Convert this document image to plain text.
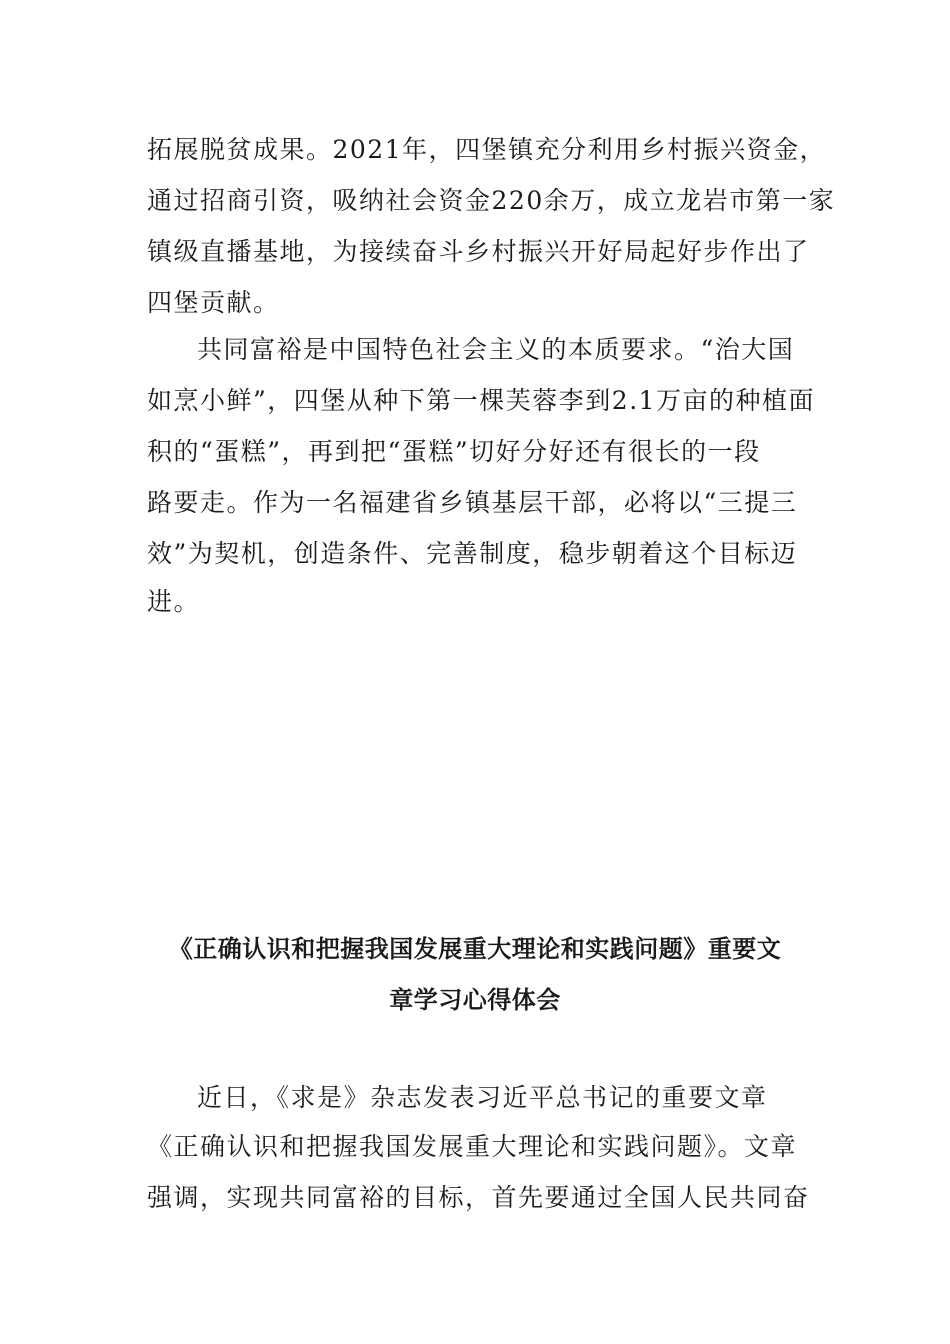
拓展脱贫成果。2021年，四堡镇充分利用乡村振兴资金，
通过招商引资，吸纳社会资金220余万，成立龙岩市第一家
镇级直播基地，为接续奋斗乡村振兴开好局起好步作出了
四堡贡献。
共同富裕是中国特色社会主义的本质要求。“治大国
如烹小鲜”，四堡从种下第一棵芙蓉李到2.1万亩的种植面
积的“蛋糕”，再到把“蛋糕”切好分好还有很长的一段
路要走。作为一名福建省乡镇基层干部，必将以“三提三
效”为契机，创造条件、完善制度，稳步朝着这个目标迈
进。
《正确认识和把握我国发展重大理论和实践问题》重要文
章学习心得体会
近日，《求是》杂志发表习近平总书记的重要文章
《正确认识和把握我国发展重大理论和实践问题》。文章
强调，实现共同富裕的目标，首先要通过全国人民共同奋
